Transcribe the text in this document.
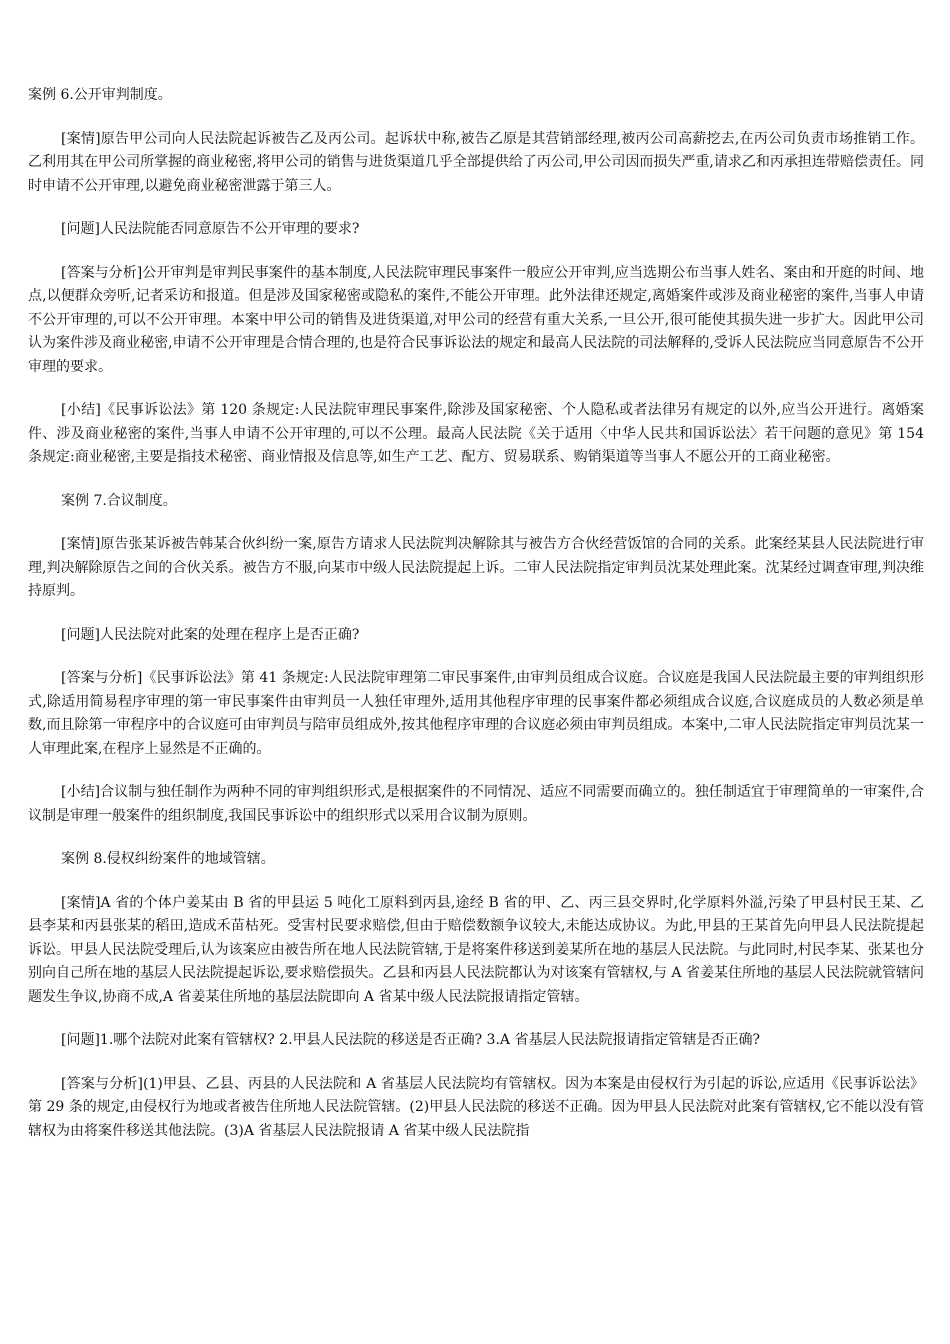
案例 6.公开审判制度。

[案情]原告甲公司向人民法院起诉被告乙及丙公司。起诉状中称,被告乙原是其营销部经理,被丙公司高薪挖去,在丙公司负责市场推销工作。乙利用其在甲公司所掌握的商业秘密,将甲公司的销售与进货渠道几乎全部提供给了丙公司,甲公司因而损失严重,请求乙和丙承担连带赔偿责任。同时申请不公开审理,以避免商业秘密泄露于第三人。

[问题]人民法院能否同意原告不公开审理的要求?

[答案与分析]公开审判是审判民事案件的基本制度,人民法院审理民事案件一般应公开审判,应当选期公布当事人姓名、案由和开庭的时间、地点,以便群众旁听,记者采访和报道。但是涉及国家秘密或隐私的案件,不能公开审理。此外法律还规定,离婚案件或涉及商业秘密的案件,当事人申请不公开审理的,可以不公开审理。本案中甲公司的销售及进货渠道,对甲公司的经营有重大关系,一旦公开,很可能使其损失进一步扩大。因此甲公司认为案件涉及商业秘密,申请不公开审理是合情合理的,也是符合民事诉讼法的规定和最高人民法院的司法解释的,受诉人民法院应当同意原告不公开审理的要求。

[小结]《民事诉讼法》第 120 条规定:人民法院审理民事案件,除涉及国家秘密、个人隐私或者法律另有规定的以外,应当公开进行。离婚案件、涉及商业秘密的案件,当事人申请不公开审理的,可以不公理。最高人民法院《关于适用〈中华人民共和国诉讼法〉若干问题的意见》第 154 条规定:商业秘密,主要是指技术秘密、商业情报及信息等,如生产工艺、配方、贸易联系、购销渠道等当事人不愿公开的工商业秘密。

案例 7.合议制度。

[案情]原告张某诉被告韩某合伙纠纷一案,原告方请求人民法院判决解除其与被告方合伙经营饭馆的合同的关系。此案经某县人民法院进行审理,判决解除原告之间的合伙关系。被告方不服,向某市中级人民法院提起上诉。二审人民法院指定审判员沈某处理此案。沈某经过调查审理,判决维持原判。

[问题]人民法院对此案的处理在程序上是否正确?

[答案与分析]《民事诉讼法》第 41 条规定:人民法院审理第二审民事案件,由审判员组成合议庭。合议庭是我国人民法院最主要的审判组织形式,除适用简易程序审理的第一审民事案件由审判员一人独任审理外,适用其他程序审理的民事案件都必须组成合议庭,合议庭成员的人数必须是单数,而且除第一审程序中的合议庭可由审判员与陪审员组成外,按其他程序审理的合议庭必须由审判员组成。本案中,二审人民法院指定审判员沈某一人审理此案,在程序上显然是不正确的。

[小结]合议制与独任制作为两种不同的审判组织形式,是根据案件的不同情况、适应不同需要而确立的。独任制适宜于审理简单的一审案件,合议制是审理一般案件的组织制度,我国民事诉讼中的组织形式以采用合议制为原则。

案例 8.侵权纠纷案件的地域管辖。

[案情]A 省的个体户姜某由 B 省的甲县运 5 吨化工原料到丙县,途经 B 省的甲、乙、丙三县交界时,化学原料外溢,污染了甲县村民王某、乙县李某和丙县张某的稻田,造成禾苗枯死。受害村民要求赔偿,但由于赔偿数额争议较大,未能达成协议。为此,甲县的王某首先向甲县人民法院提起诉讼。甲县人民法院受理后,认为该案应由被告所在地人民法院管辖,于是将案件移送到姜某所在地的基层人民法院。与此同时,村民李某、张某也分别向自己所在地的基层人民法院提起诉讼,要求赔偿损失。乙县和丙县人民法院都认为对该案有管辖权,与 A 省姜某住所地的基层人民法院就管辖问题发生争议,协商不成,A 省姜某住所地的基层法院即向 A 省某中级人民法院报请指定管辖。

[问题]1.哪个法院对此案有管辖权? 2.甲县人民法院的移送是否正确? 3.A 省基层人民法院报请指定管辖是否正确?

[答案与分析](1)甲县、乙县、丙县的人民法院和 A 省基层人民法院均有管辖权。因为本案是由侵权行为引起的诉讼,应适用《民事诉讼法》第 29 条的规定,由侵权行为地或者被告住所地人民法院管辖。(2)甲县人民法院的移送不正确。因为甲县人民法院对此案有管辖权,它不能以没有管辖权为由将案件移送其他法院。(3)A 省基层人民法院报请 A 省某中级人民法院指
